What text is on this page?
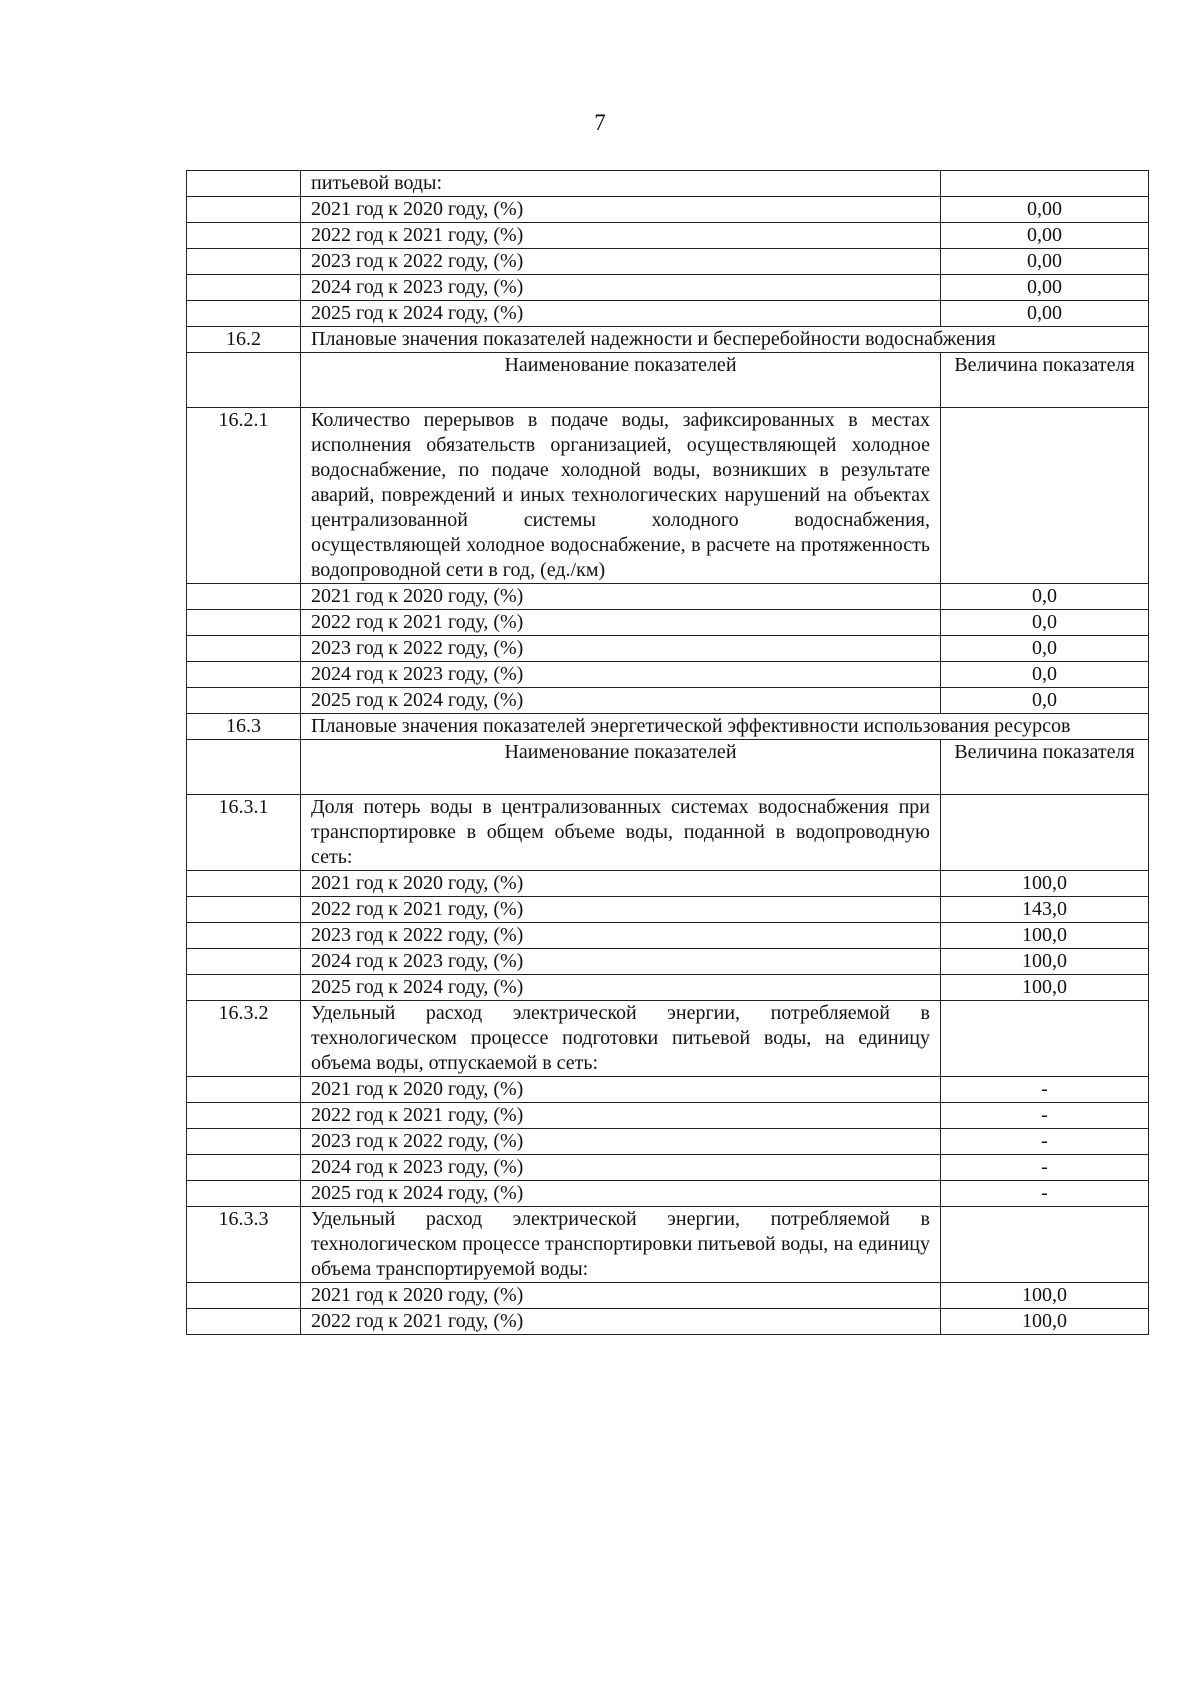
7
	питьевой воды:	
	2021 год к 2020 году, (%)	0,00
	2022 год к 2021 году, (%)	0,00
	2023 год к 2022 году, (%)	0,00
	2024 год к 2023 году, (%)	0,00
	2025 год к 2024 году, (%)	0,00
16.2	Плановые значения показателей надежности и бесперебойности водоснабжения	
	Наименование показателей	Величина показателя
16.2.1	Количество перерывов в подаче воды, зафиксированных в местах исполнения обязательств организацией, осуществляющей холодное водоснабжение, по подаче холодной воды, возникших в результате аварий, повреждений и иных технологических нарушений на объектах централизованной системы холодного водоснабжения, осуществляющей холодное водоснабжение, в расчете на протяженность водопроводной сети в год, (ед./км)	
	2021 год к 2020 году, (%)	0,0
	2022 год к 2021 году, (%)	0,0
	2023 год к 2022 году, (%)	0,0
	2024 год к 2023 году, (%)	0,0
	2025 год к 2024 году, (%)	0,0
16.3	Плановые значения показателей энергетической эффективности использования ресурсов	
	Наименование показателей	Величина показателя
16.3.1	Доля потерь воды в централизованных системах водоснабжения при транспортировке в общем объеме воды, поданной в водопроводную сеть:	
	2021 год к 2020 году, (%)	100,0
	2022 год к 2021 году, (%)	143,0
	2023 год к 2022 году, (%)	100,0
	2024 год к 2023 году, (%)	100,0
	2025 год к 2024 году, (%)	100,0
16.3.2	Удельный расход электрической энергии, потребляемой в технологическом процессе подготовки питьевой воды, на единицу объема воды, отпускаемой в сеть:	
	2021 год к 2020 году, (%)	-
	2022 год к 2021 году, (%)	-
	2023 год к 2022 году, (%)	-
	2024 год к 2023 году, (%)	-
	2025 год к 2024 году, (%)	-
16.3.3	Удельный расход электрической энергии, потребляемой в технологическом процессе транспортировки питьевой воды, на единицу объема транспортируемой воды:	
	2021 год к 2020 году, (%)	100,0
	2022 год к 2021 году, (%)	100,0
